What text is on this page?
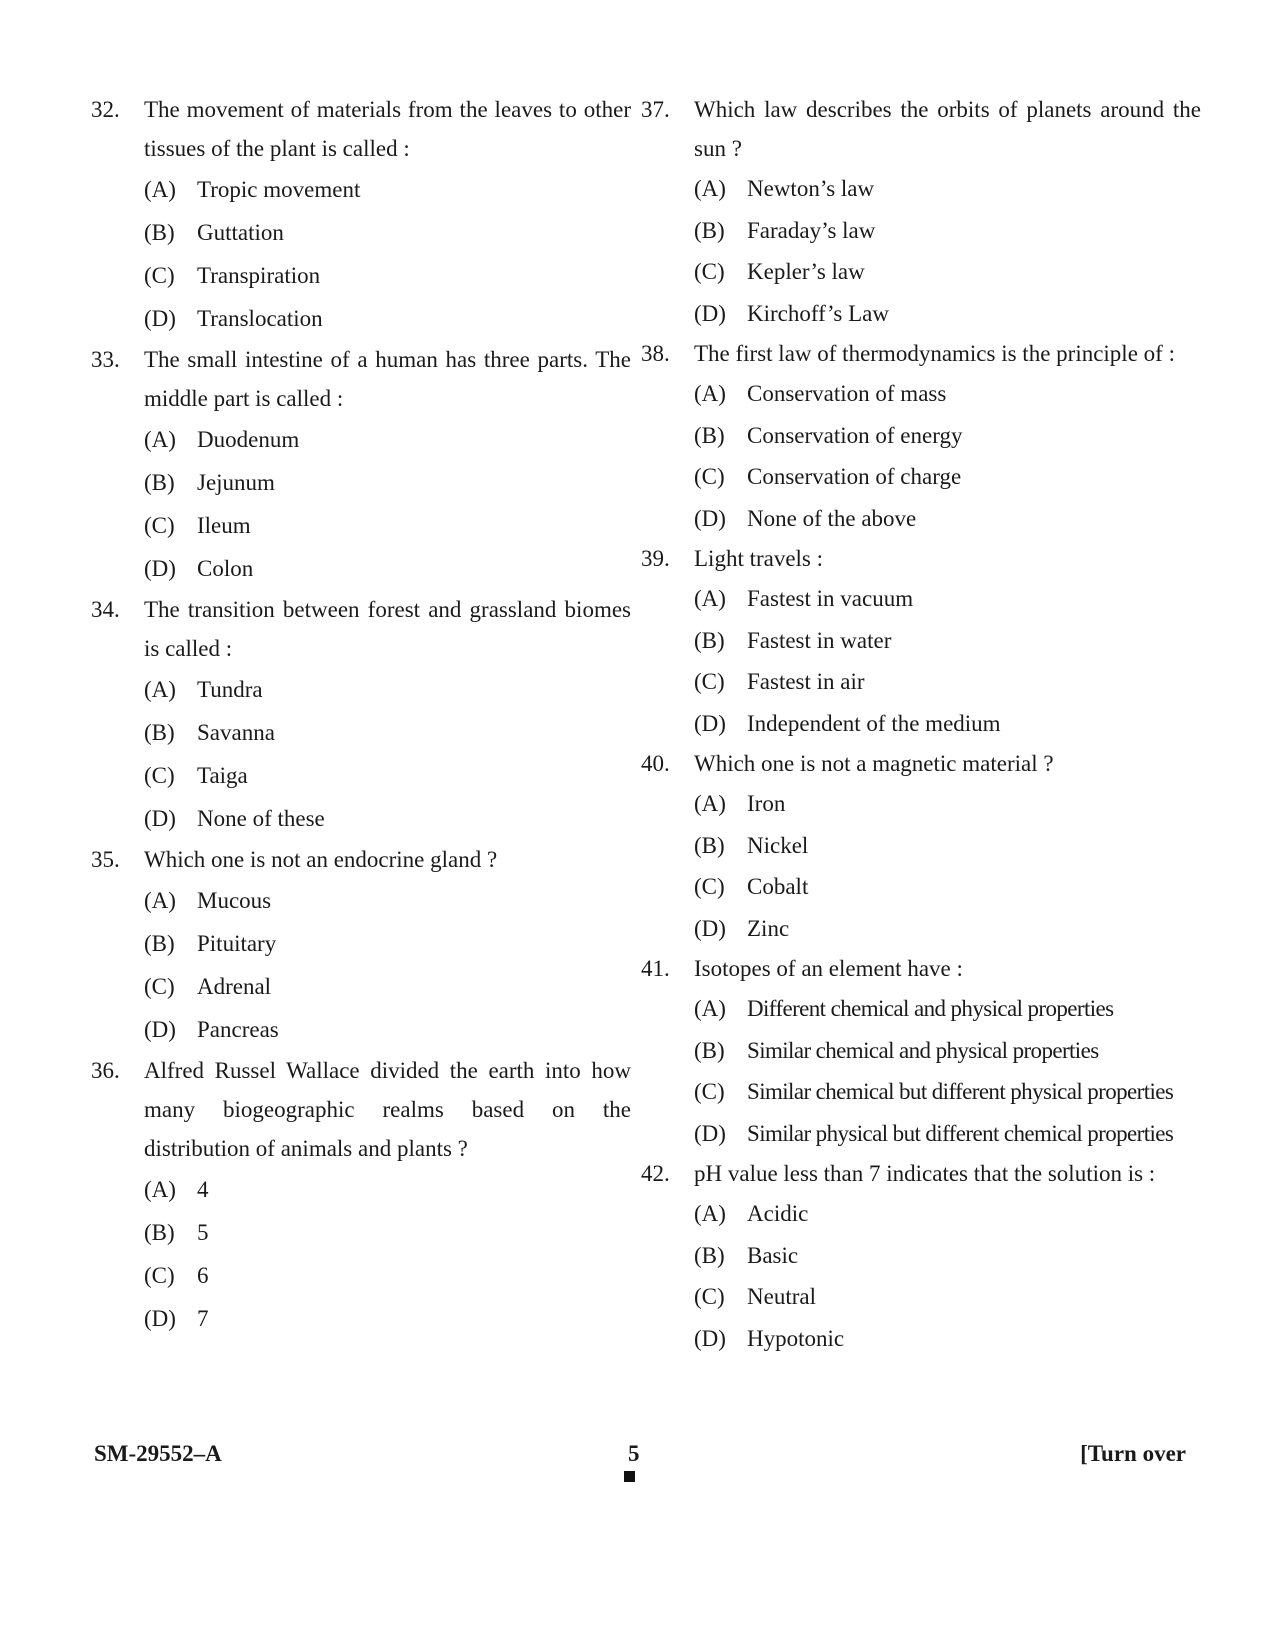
32.	The movement of materials from the leaves to other tissues of the plant is called :
(A) Tropic movement
(B) Guttation
(C) Transpiration
(D) Translocation
33.	The small intestine of a human has three parts. The middle part is called :
(A) Duodenum
(B) Jejunum
(C) Ileum
(D) Colon
34.	The transition between forest and grassland biomes is called :
(A) Tundra
(B) Savanna
(C) Taiga
(D) None of these
35.	Which one is not an endocrine gland ?
(A) Mucous
(B) Pituitary
(C) Adrenal
(D) Pancreas
36.	Alfred Russel Wallace divided the earth into how many biogeographic realms based on the distribution of animals and plants ?
(A) 4
(B) 5
(C) 6
(D) 7
37.	Which law describes the orbits of planets around the sun ?
(A) Newton’s law
(B) Faraday’s law
(C) Kepler’s law
(D) Kirchoff’s Law
38.	The first law of thermodynamics is the principle of :
(A) Conservation of mass
(B) Conservation of energy
(C) Conservation of charge
(D) None of the above
39.	Light travels :
(A) Fastest in vacuum
(B) Fastest in water
(C) Fastest in air
(D) Independent of the medium
40.	Which one is not a magnetic material ?
(A) Iron
(B) Nickel
(C) Cobalt
(D) Zinc
41.	Isotopes of an element have :
(A) Different chemical and physical properties
(B) Similar chemical and physical properties
(C) Similar chemical but different physical properties
(D) Similar physical but different chemical properties
42.	pH value less than 7 indicates that the solution is :
(A) Acidic
(B) Basic
(C) Neutral
(D) Hypotonic
SM-29552–A	5	[Turn over
